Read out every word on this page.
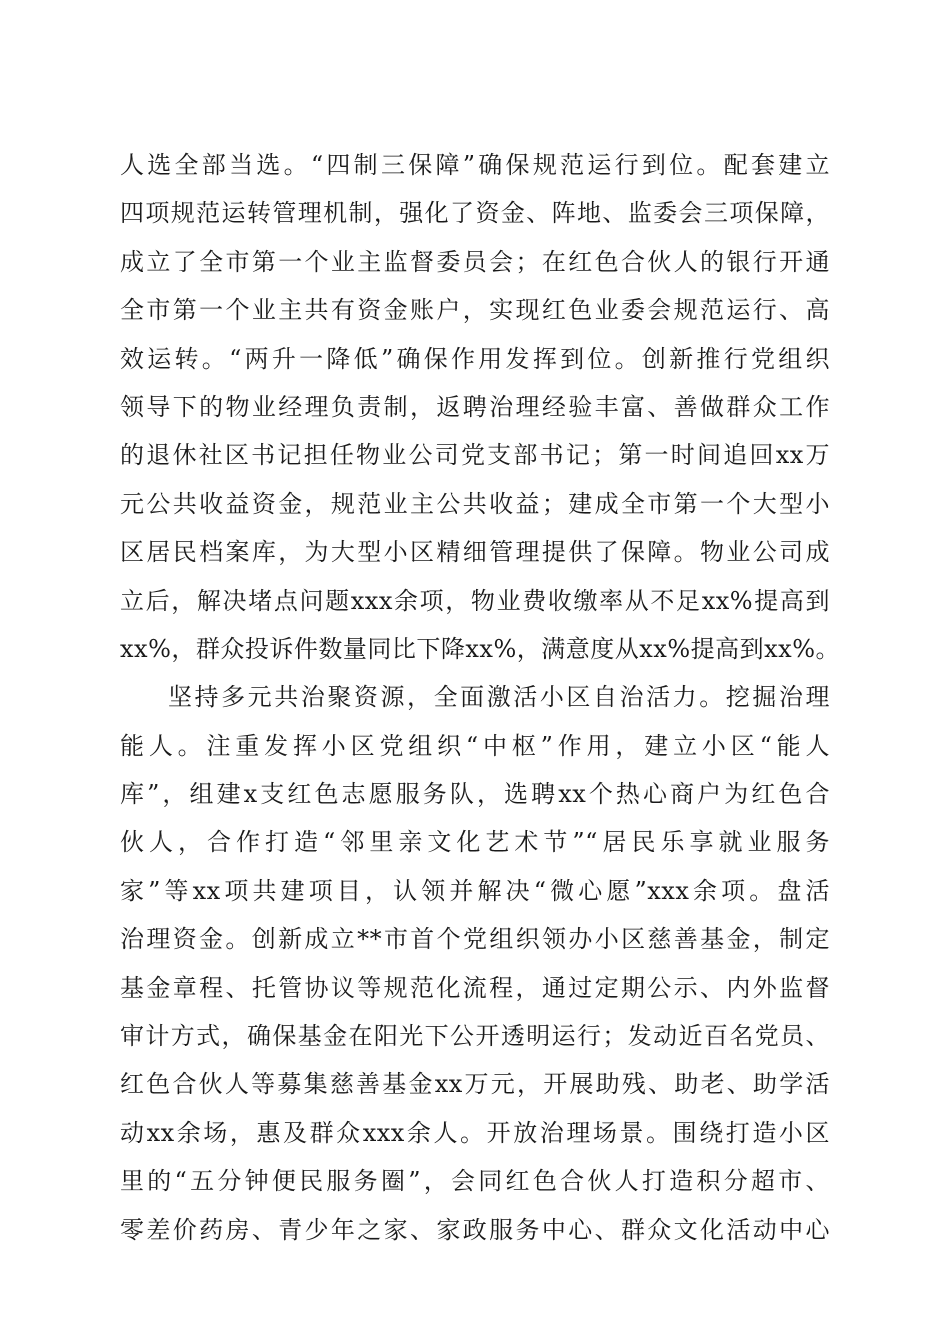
人选全部当选。“四制三保障”确保规范运行到位。配套建立
四项规范运转管理机制，强化了资金、阵地、监委会三项保障，
成立了全市第一个业主监督委员会；在红色合伙人的银行开通
全市第一个业主共有资金账户，实现红色业委会规范运行、高
效运转。“两升一降低”确保作用发挥到位。创新推行党组织
领导下的物业经理负责制，返聘治理经验丰富、善做群众工作
的退休社区书记担任物业公司党支部书记；第一时间追回xx万
元公共收益资金，规范业主公共收益；建成全市第一个大型小
区居民档案库，为大型小区精细管理提供了保障。物业公司成
立后，解决堵点问题xxx余项，物业费收缴率从不足xx%提高到
xx%，群众投诉件数量同比下降xx%，满意度从xx%提高到xx%。
坚持多元共治聚资源，全面激活小区自治活力。挖掘治理
能人。注重发挥小区党组织“中枢”作用，建立小区“能人
库”，组建x支红色志愿服务队，选聘xx个热心商户为红色合
伙人，合作打造“邻里亲文化艺术节”“居民乐享就业服务
家”等xx项共建项目，认领并解决“微心愿”xxx余项。盘活
治理资金。创新成立**市首个党组织领办小区慈善基金，制定
基金章程、托管协议等规范化流程，通过定期公示、内外监督
审计方式，确保基金在阳光下公开透明运行；发动近百名党员、
红色合伙人等募集慈善基金xx万元，开展助残、助老、助学活
动xx余场，惠及群众xxx余人。开放治理场景。围绕打造小区
里的“五分钟便民服务圈”，会同红色合伙人打造积分超市、
零差价药房、青少年之家、家政服务中心、群众文化活动中心
